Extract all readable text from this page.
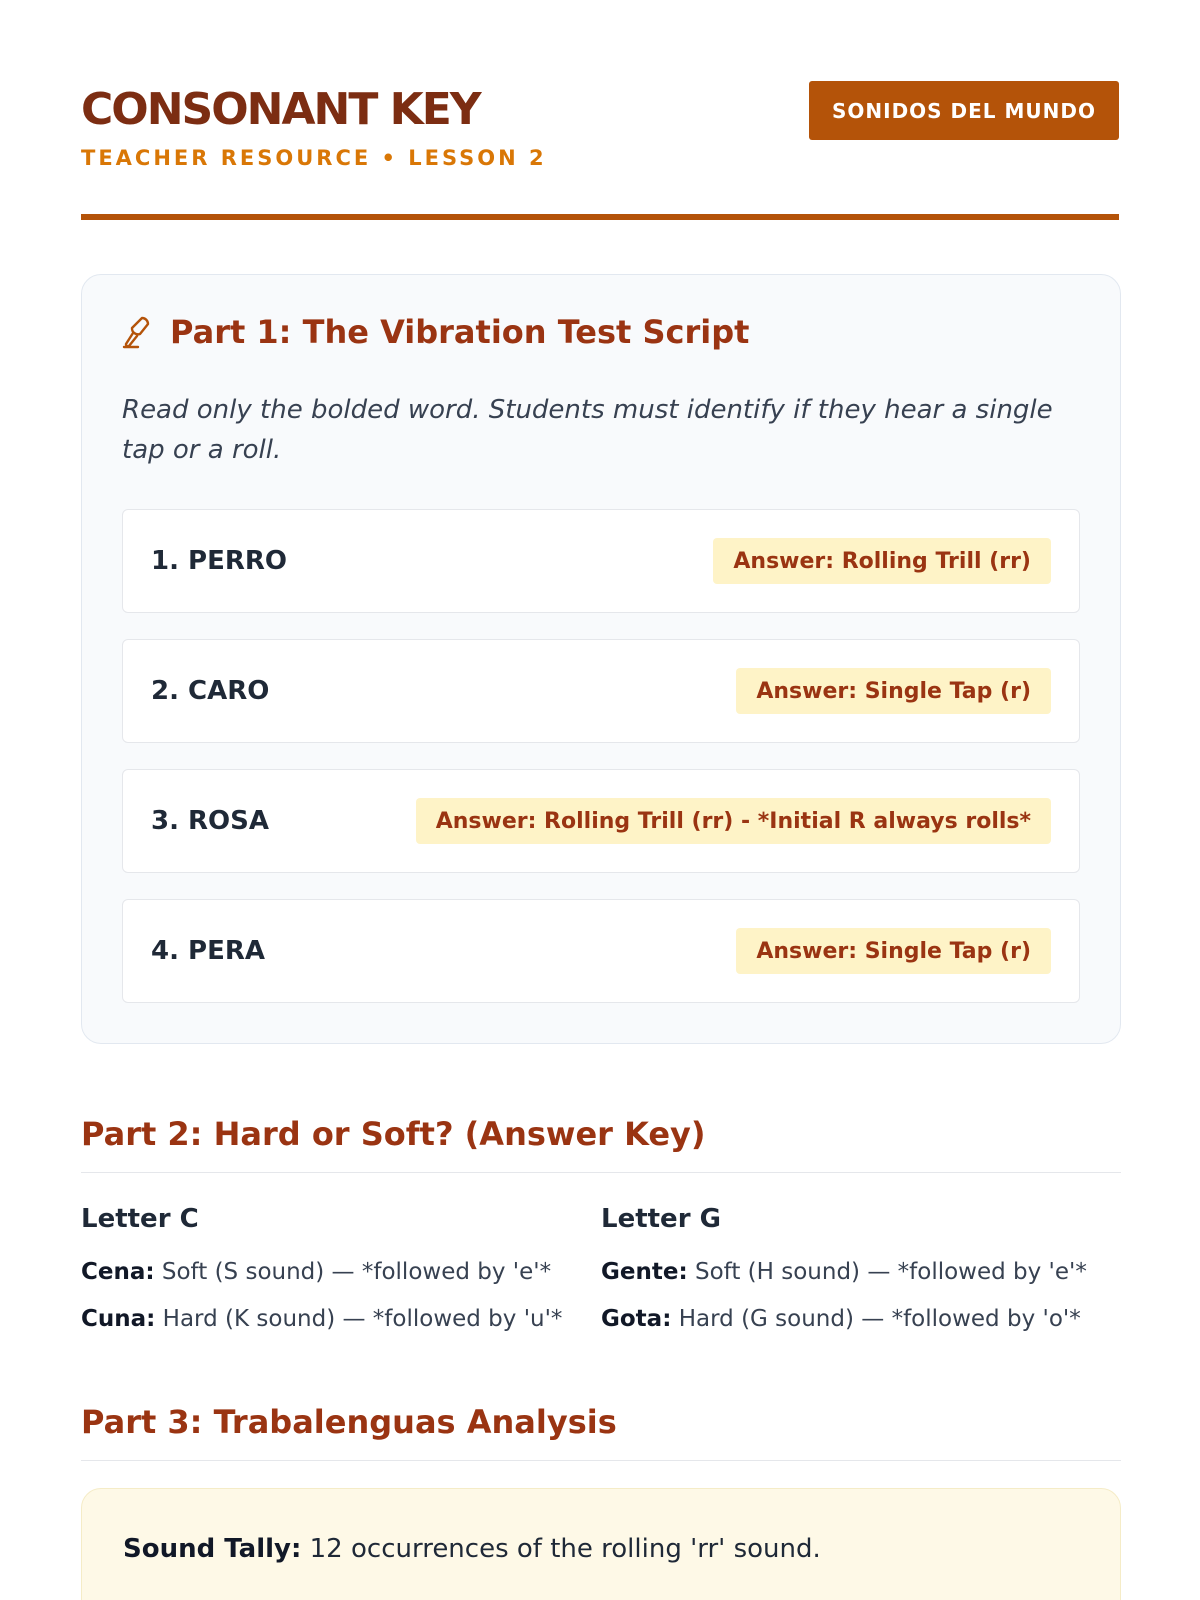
CONSONANT KEY
TEACHER RESOURCE • LESSON 2
SONIDOS DEL MUNDO
Part 1: The Vibration Test Script

Read only the bolded word. Students must identify if they hear a single tap or a roll.

1. PERRO	Answer: Rolling Trill (rr)
2. CARO	Answer: Single Tap (r)
3. ROSA	Answer: Rolling Trill (rr) - *Initial R always rolls*
4. PERA	Answer: Single Tap (r)
Part 2: Hard or Soft? (Answer Key)
Letter C
Cena: Soft (S sound) — *followed by 'e'*
Cuna: Hard (K sound) — *followed by 'u'*
Letter G
Gente: Soft (H sound) — *followed by 'e'*
Gota: Hard (G sound) — *followed by 'o'*
Part 3: Trabalenguas Analysis

Sound Tally: 12 occurrences of the rolling 'rr' sound.
